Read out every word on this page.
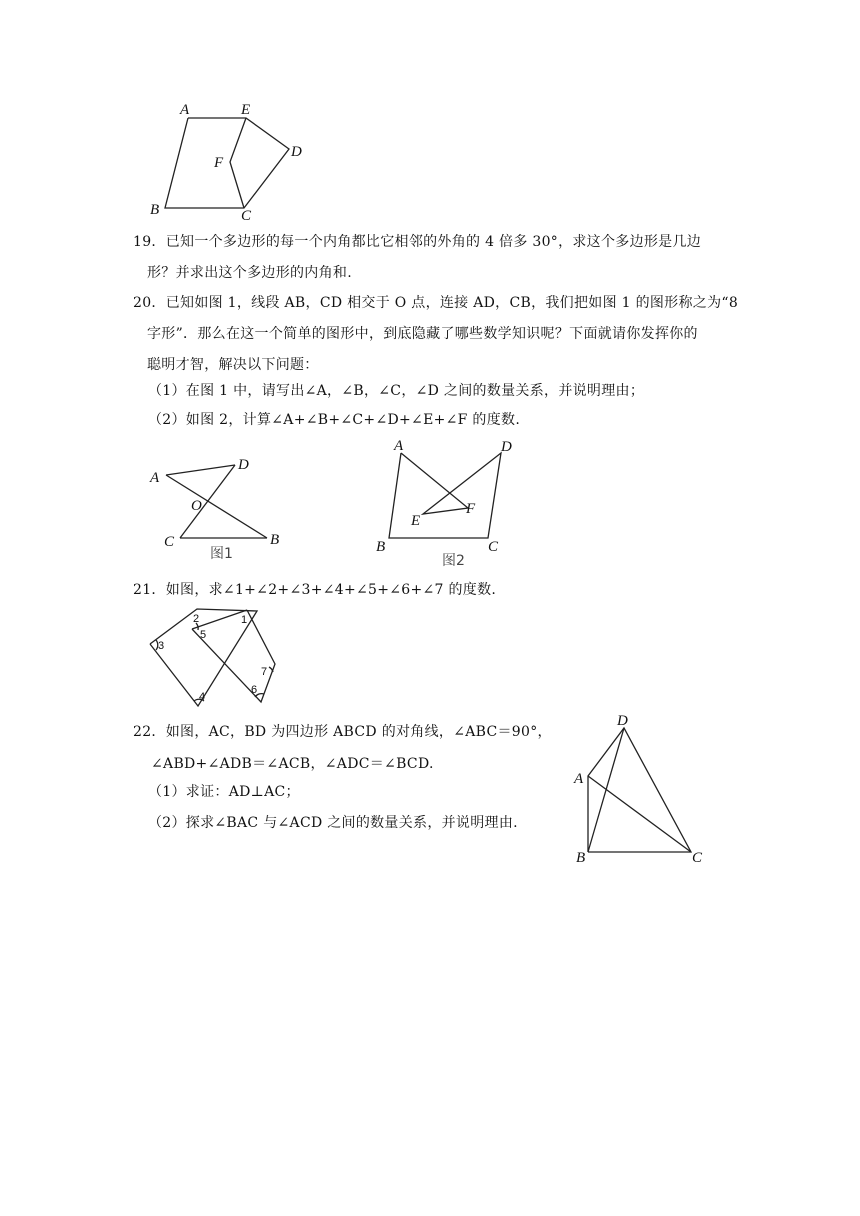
A	E
F
D
B	C
19．已知一个多边形的每一个内角都比它相邻的外角的 4 倍多 30°，求这个多边形是几边
形？并求出这个多边形的内角和.
20．已知如图 1，线段 AB，CD 相交于 O 点，连接 AD，CB，我们把如图 1 的图形称之为“8
字形”．那么在这一个简单的图形中，到底隐藏了哪些数学知识呢？下面就请你发挥你的
聪明才智，解决以下问题：
（1）在图 1 中，请写出∠A，∠B，∠C，∠D 之间的数量关系，并说明理由；
（2）如图 2，计算∠A+∠B+∠C+∠D+∠E+∠F 的度数.
A
D
O
C	B
图1
A	D
F
E
B	C
图2
21．如图，求∠1+∠2+∠3+∠4+∠5+∠6+∠7 的度数.
1
2
3
4
5
6
7
22．如图，AC，BD 为四边形 ABCD 的对角线，∠ABC＝90°，
∠ABD+∠ADB＝∠ACB，∠ADC＝∠BCD.
（1）求证：AD⊥AC；
（2）探求∠BAC 与∠ACD 之间的数量关系，并说明理由.
D
A
B	C
